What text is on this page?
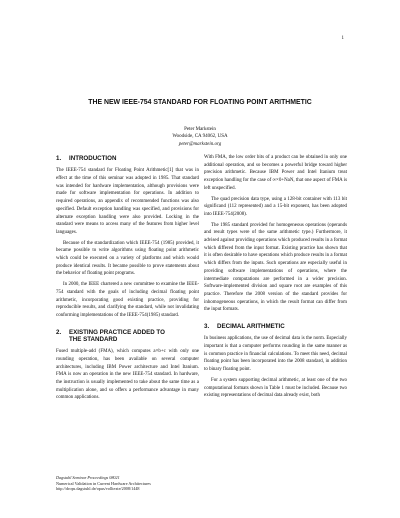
1
THE NEW IEEE-754 STANDARD FOR FLOATING POINT ARITHMETIC
Peter Markstein
Woodside, CA 94062, USA
peter@markstein.org
1.	INTRODUCTION

The IEEE-754 standard for Floating Point Arithmetic[1] that was in effect at the time of this seminar was adopted in 1985. That standard was intended for hardware implementation, although provisions were made for software implementation for operations. In addition to required operations, an appendix of recommended functions was also specified. Default exception handling was specified, and provisions for alternate exception handling were also provided. Locking in the standard were means to access many of the features from higher level languages.

Because of the standardization which IEEE-754 (1985) provided, it became possible to write algorithms using floating point arithmetic which could be executed on a variety of platforms and which would produce identical results. It became possible to prove statements about the behavior of floating point programs.

In 2000, the IEEE chartered a new committee to examine the IEEE-754 standard with the goals of including decimal floating point arithmetic, incorporating good existing practice, providing for reproducible results, and clarifying the standard, while not invalidating conforming implementations of the IEEE-754(1985) standard.

2.	EXISTING PRACTICE ADDED TO
THE STANDARD

Fused multiple-add (FMA), which computes a×b+c with only one rounding operation, has been available on several computer architectures, including IBM Power architecture and Intel Itanium. FMA is now an operation in the new IEEE-754 standard. In hardware, the instruction is usually implemented to take about the same time as a multiplication alone, and so offers a performance advantage in many common applications.

With FMA, the low order bits of a product can be obtained in only one additional operation, and so becomes a powerful bridge toward higher precision arithmetic. Because IBM Power and Intel Itanium treat exception handling for the case of ∞×0+NaN, that one aspect of FMA is left unspecified.

The quad precision data type, using a 128-bit container with 113 bit significand (112 represented) and a 15-bit exponent, has been adopted into IEEE-754(2008).

The 1985 standard provided for homogeneous operations (operands and result types were of the same arithmetic type.) Furthermore, it advised against providing operations which produced results in a format which differed from the input format. Existing practice has shown that it is often desirable to have operations which produce results in a format which differs from the inputs. Such operations are especially useful in providing software implementations of operations, where the intermediate computations are performed in a wider precision. Software-implemented division and square root are examples of this practice. Therefore the 2008 version of the standard provides for inhomogeneous operations, in which the result format can differ from the input formats.

3.	DECIMAL ARITHMETIC

In business applications, the use of decimal data is the norm. Especially important is that a computer performs rounding in the same manner as is common practice in financial calculations. To meet this need, decimal floating point has been incorporated into the 2008 standard, in addition to binary floating point.

For a system supporting decimal arithmetic, at least one of the two computational formats shown in Table 1 must be included. Because two existing representations of decimal data already exist, both

Dagstuhl Seminar Proceedings 08021
Numerical Validation in Current Hardware Architectures
http://drops.dagstuhl.de/opus/volltexte/2008/1448
